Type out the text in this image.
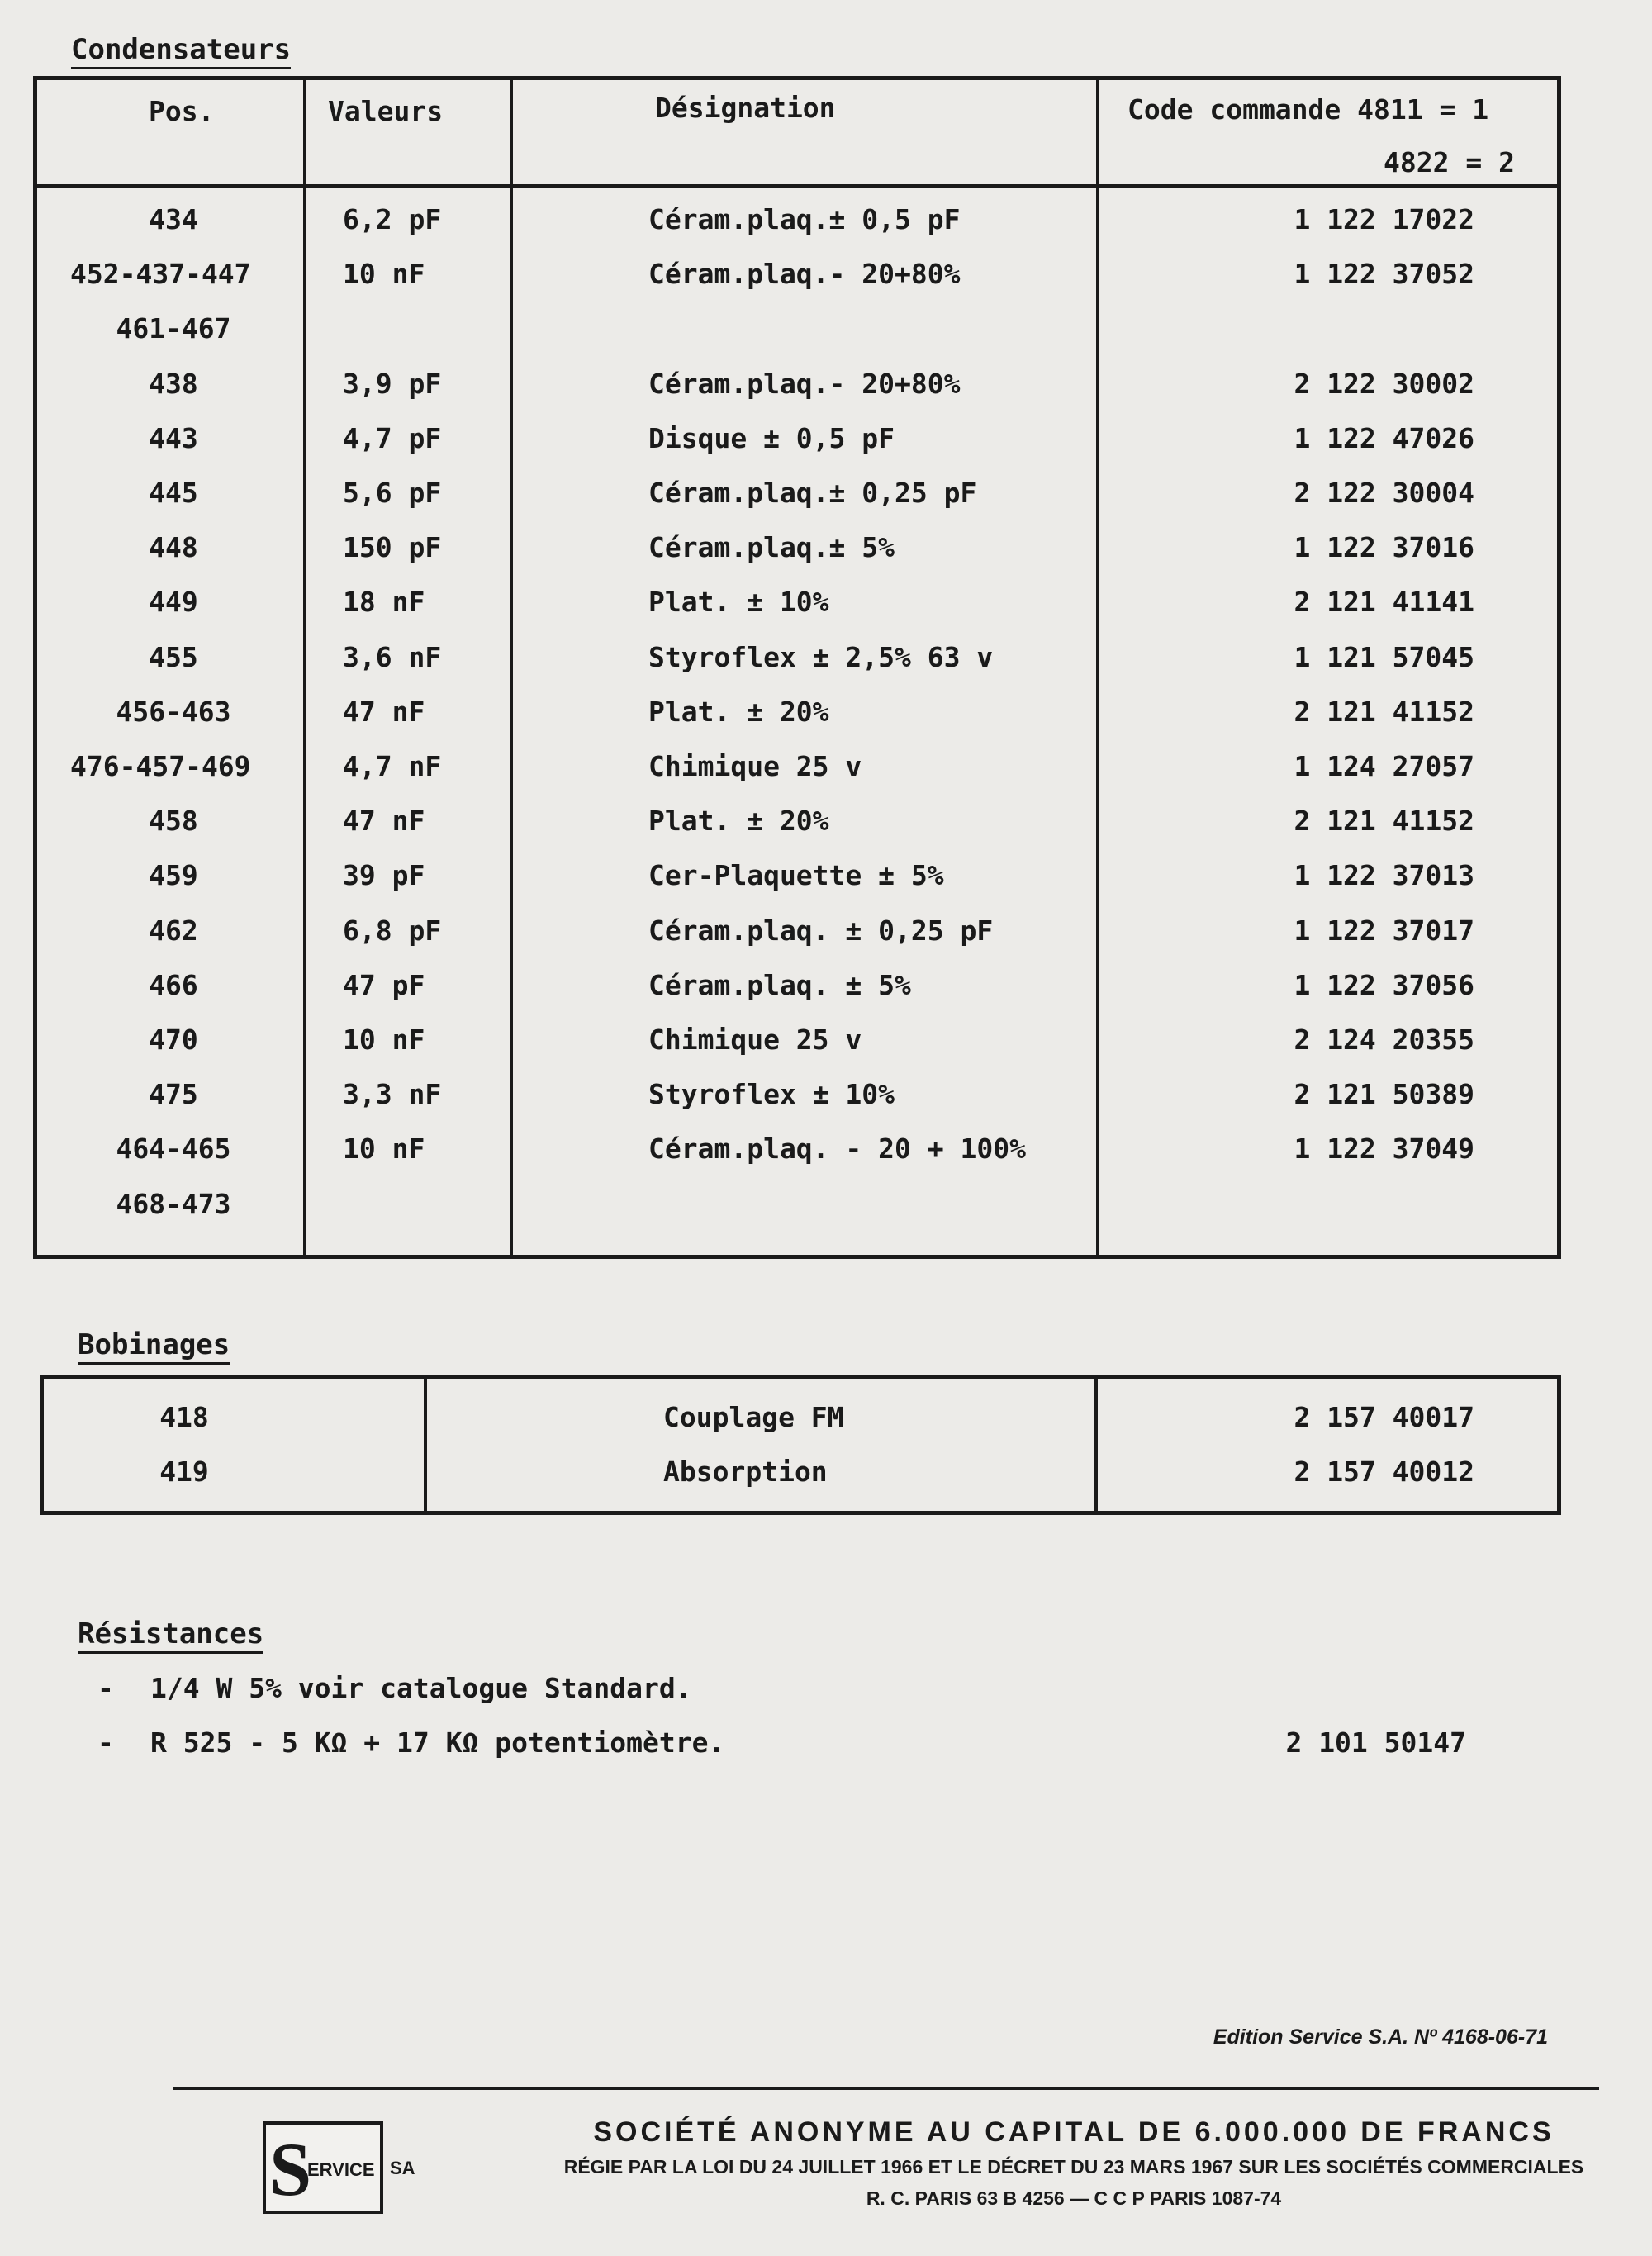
Condensateurs
Pos.	Valeurs	Désignation	Code commande 4811 = 1
4822 = 2
434	6,2 pF	Céram.plaq.± 0,5 pF	1 122 17022
452-437-447	10 nF	Céram.plaq.- 20+80%	1 122 37052
461-467
438	3,9 pF	Céram.plaq.- 20+80%	2 122 30002
443	4,7 pF	Disque ± 0,5 pF	1 122 47026
445	5,6 pF	Céram.plaq.± 0,25 pF	2 122 30004
448	150 pF	Céram.plaq.± 5%	1 122 37016
449	18 nF	Plat. ± 10%	2 121 41141
455	3,6 nF	Styroflex ± 2,5% 63 v	1 121 57045
456-463	47 nF	Plat. ± 20%	2 121 41152
476-457-469	4,7 nF	Chimique 25 v	1 124 27057
458	47 nF	Plat. ± 20%	2 121 41152
459	39 pF	Cer-Plaquette ± 5%	1 122 37013
462	6,8 pF	Céram.plaq. ± 0,25 pF	1 122 37017
466	47 pF	Céram.plaq. ± 5%	1 122 37056
470	10 nF	Chimique 25 v	2 124 20355
475	3,3 nF	Styroflex ± 10%	2 121 50389
464-465	10 nF	Céram.plaq. - 20 + 100%	1 122 37049
468-473
Bobinages
418	Couplage FM	2 157 40017
419	Absorption	2 157 40012
Résistances
- 1/4 W 5% voir catalogue Standard.
- R 525 - 5 KΩ + 17 KΩ potentiomètre.	2 101 50147
Edition Service S.A. Nº 4168-06-71
S
ERVICE SA
SOCIÉTÉ ANONYME AU CAPITAL DE 6.000.000 DE FRANCS
RÉGIE PAR LA LOI DU 24 JUILLET 1966 ET LE DÉCRET DU 23 MARS 1967 SUR LES SOCIÉTÉS COMMERCIALES
R. C. PARIS 63 B 4256 — C C P PARIS 1087-74
